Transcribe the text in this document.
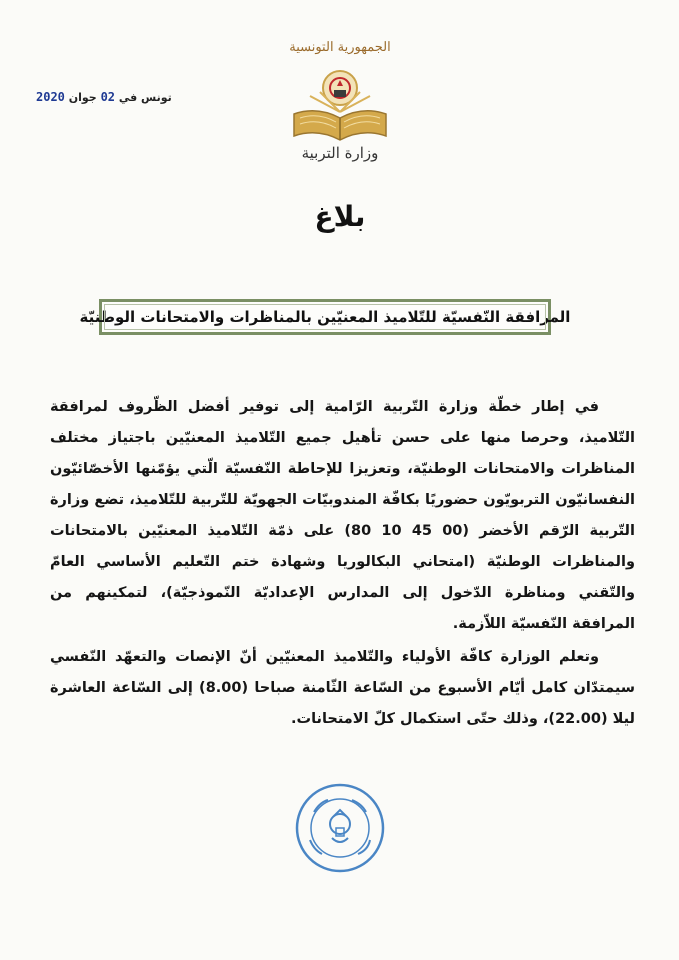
الجمهورية التونسية
وزارة التربية
تونس في 02 جوان 2020
بلاغ
المرافقة النّفسيّة للتّلاميذ المعنيّين بالمناظرات والامتحانات الوطنيّة

في إطار خطّة وزارة التّربية الرّامية إلى توفير أفضل الظّروف لمرافقة التّلاميذ، وحرصا منها على حسن تأهيل جميع التّلاميذ المعنيّين باجتياز مختلف المناظرات والامتحانات الوطنيّة، وتعزيزا للإحاطة النّفسيّة الّتي يؤمّنها الأخصّائيّون النفسانيّون التربويّون حضوريًا بكافّة المندوبيّات الجهويّة للتّربية للتّلاميذ، تضع وزارة التّربية الرّقم الأخضر (00 45 10 80) على ذمّة التّلاميذ المعنيّين بالامتحانات والمناظرات الوطنيّة (امتحاني البكالوريا وشهادة ختم التّعليم الأساسي العامّ والتّقني ومناظرة الدّخول إلى المدارس الإعداديّة النّموذجيّة)، لتمكينهم من المرافقة النّفسيّة اللاّزمة.

وتعلم الوزارة كافّة الأولياء والتّلاميذ المعنيّين أنّ الإنصات والتعهّد النّفسي سيمتدّان كامل أيّام الأسبوع من السّاعة الثّامنة صباحا (8.00) إلى السّاعة العاشرة ليلا (22.00)، وذلك حتّى استكمال كلّ الامتحانات.
